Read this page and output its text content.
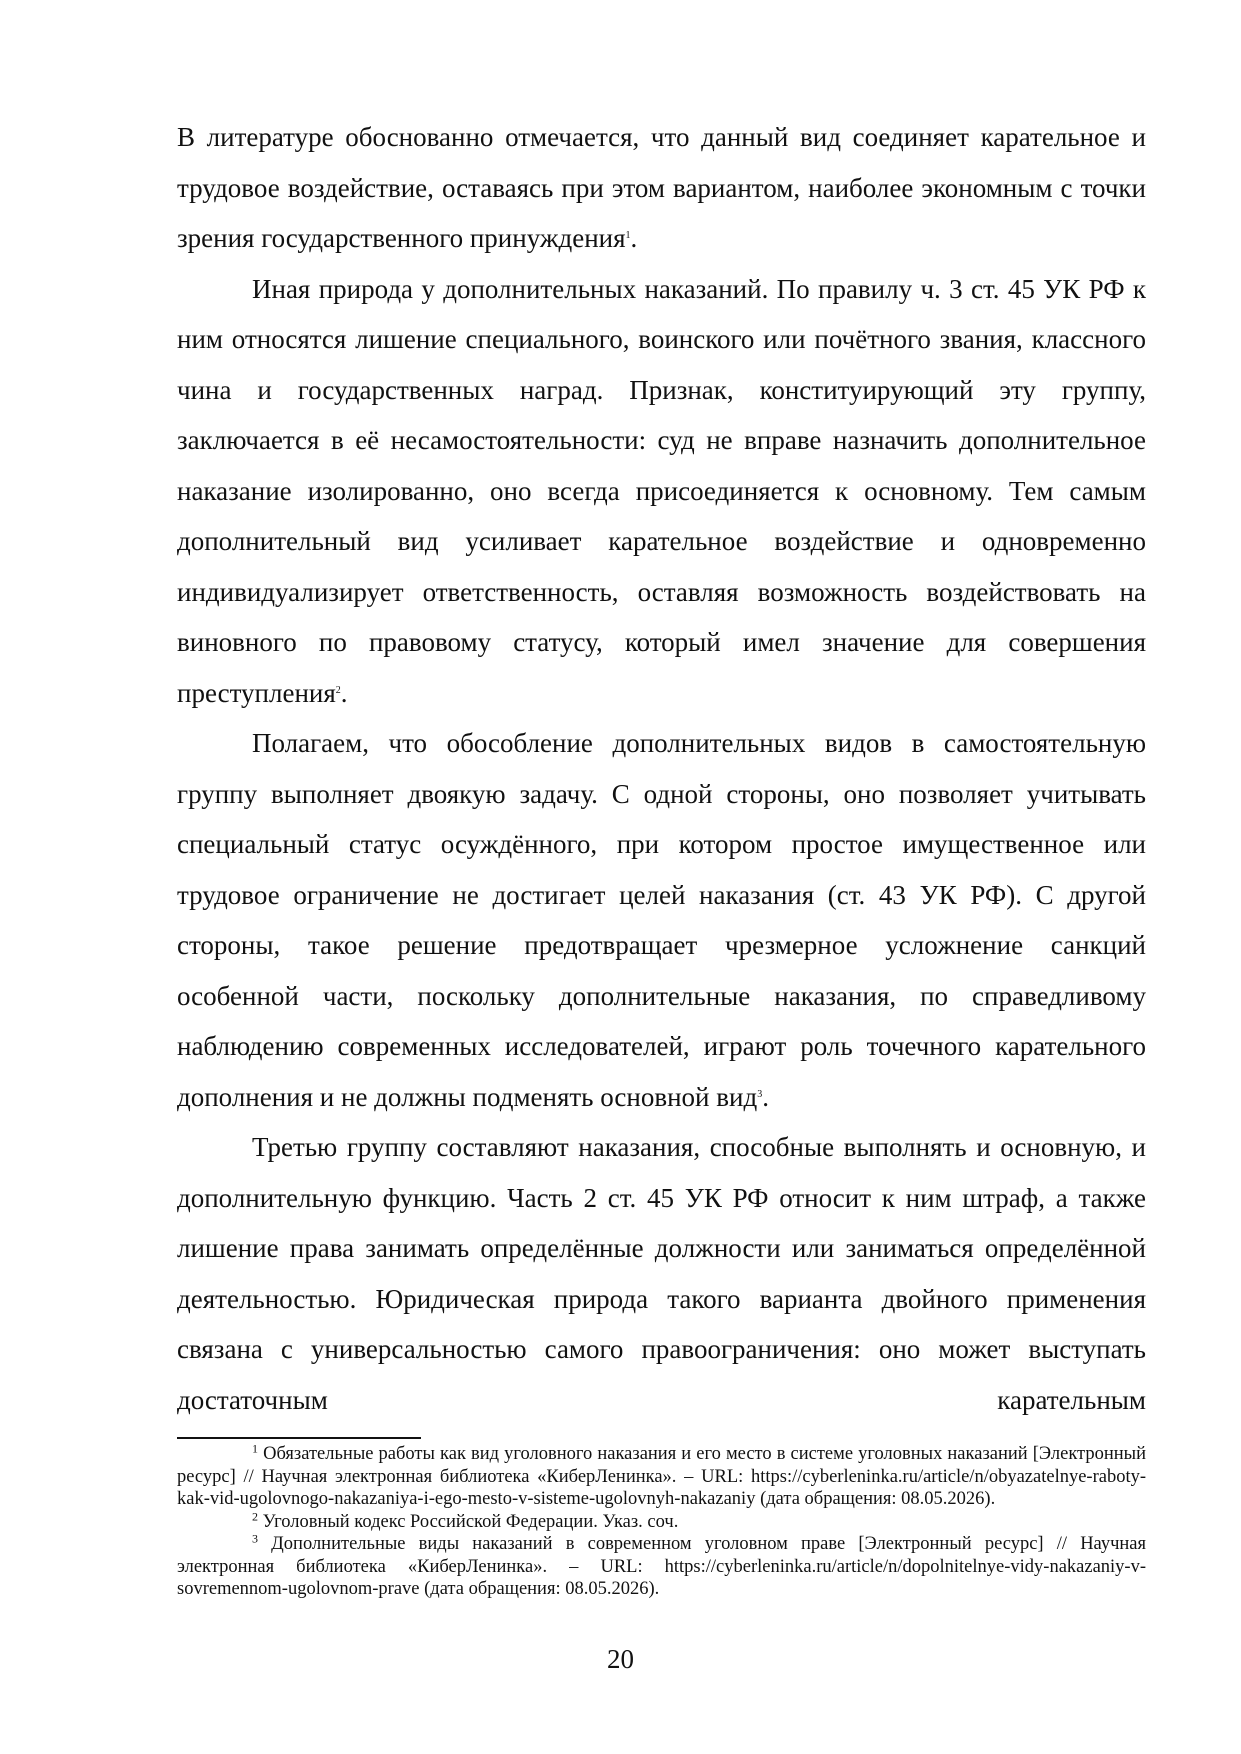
В литературе обоснованно отмечается, что данный вид соединяет карательное и трудовое воздействие, оставаясь при этом вариантом, наиболее экономным с точки зрения государственного принуждения$^1$.

Иная природа у дополнительных наказаний. По правилу ч. 3 ст. 45 УК РФ к ним относятся лишение специального, воинского или почётного звания, классного чина и государственных наград. Признак, конституирующий эту группу, заключается в её несамостоятельности: суд не вправе назначить дополнительное наказание изолированно, оно всегда присоединяется к основному. Тем самым дополнительный вид усиливает карательное воздействие и одновременно индивидуализирует ответственность, оставляя возможность воздействовать на виновного по правовому статусу, который имел значение для совершения преступления$^2$.

Полагаем, что обособление дополнительных видов в самостоятельную группу выполняет двоякую задачу. С одной стороны, оно позволяет учитывать специальный статус осуждённого, при котором простое имущественное или трудовое ограничение не достигает целей наказания (ст. 43 УК РФ). С другой стороны, такое решение предотвращает чрезмерное усложнение санкций особенной части, поскольку дополнительные наказания, по справедливому наблюдению современных исследователей, играют роль точечного карательного дополнения и не должны подменять основной вид$^3$.

Третью группу составляют наказания, способные выполнять и основную, и дополнительную функцию. Часть 2 ст. 45 УК РФ относит к ним штраф, а также лишение права занимать определённые должности или заниматься определённой деятельностью. Юридическая природа такого варианта двойного применения связана с универсальностью самого правоограничения: оно может выступать достаточным карательным

$^1$ Обязательные работы как вид уголовного наказания и его место в системе уголовных наказаний [Электронный ресурс] // Научная электронная библиотека «КиберЛенинка». – URL: https://cyberleninka.ru/article/n/obyazatelnye-raboty-kak-vid-ugolovnogo-nakazaniya-i-ego-mesto-v-sisteme-ugolovnyh-nakazaniy (дата обращения: 08.05.2026).

$^2$ Уголовный кодекс Российской Федерации. Указ. соч.

$^3$ Дополнительные виды наказаний в современном уголовном праве [Электронный ресурс] // Научная электронная библиотека «КиберЛенинка». – URL: https://cyberleninka.ru/article/n/dopolnitelnye-vidy-nakazaniy-v-sovremennom-ugolovnom-prave (дата обращения: 08.05.2026).

20
